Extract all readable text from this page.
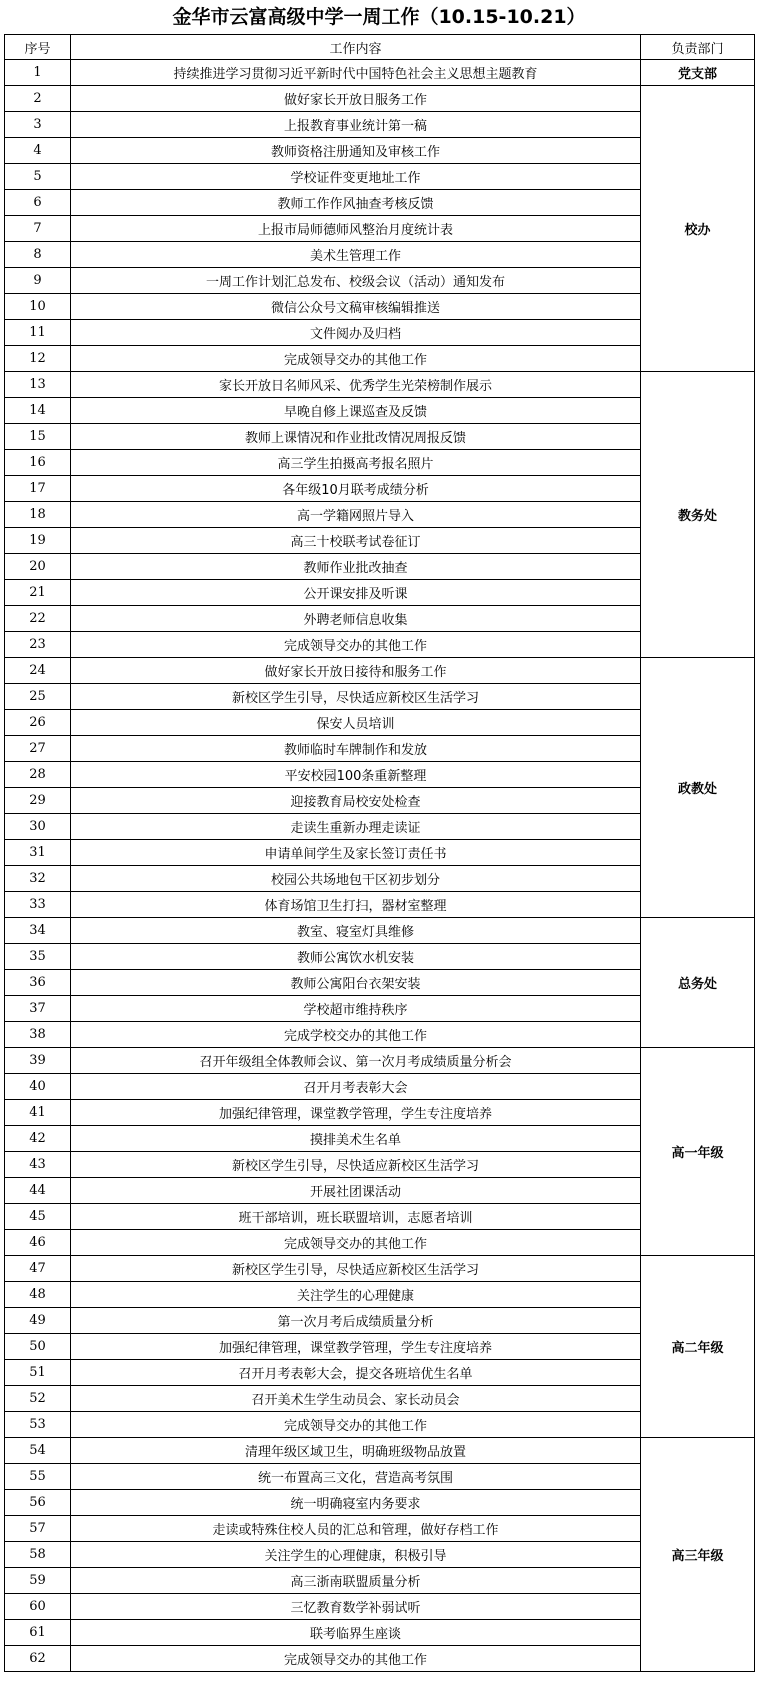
金华市云富高级中学一周工作（10.15-10.21）
序号	工作内容	负责部门
1	持续推进学习贯彻习近平新时代中国特色社会主义思想主题教育	党支部
2	做好家长开放日服务工作	校办
3	上报教育事业统计第一稿	
4	教师资格注册通知及审核工作	
5	学校证件变更地址工作	
6	教师工作作风抽查考核反馈	
7	上报市局师德师风整治月度统计表	
8	美术生管理工作	
9	一周工作计划汇总发布、校级会议（活动）通知发布	
10	微信公众号文稿审核编辑推送	
11	文件阅办及归档	
12	完成领导交办的其他工作	
13	家长开放日名师风采、优秀学生光荣榜制作展示	教务处
14	早晚自修上课巡查及反馈	
15	教师上课情况和作业批改情况周报反馈	
16	高三学生拍摄高考报名照片	
17	各年级10月联考成绩分析	
18	高一学籍网照片导入	
19	高三十校联考试卷征订	
20	教师作业批改抽查	
21	公开课安排及听课	
22	外聘老师信息收集	
23	完成领导交办的其他工作	
24	做好家长开放日接待和服务工作	政教处
25	新校区学生引导，尽快适应新校区生活学习	
26	保安人员培训	
27	教师临时车牌制作和发放	
28	平安校园100条重新整理	
29	迎接教育局校安处检查	
30	走读生重新办理走读证	
31	申请单间学生及家长签订责任书	
32	校园公共场地包干区初步划分	
33	体育场馆卫生打扫，器材室整理	
34	教室、寝室灯具维修	总务处
35	教师公寓饮水机安装	
36	教师公寓阳台衣架安装	
37	学校超市维持秩序	
38	完成学校交办的其他工作	
39	召开年级组全体教师会议、第一次月考成绩质量分析会	高一年级
40	召开月考表彰大会	
41	加强纪律管理，课堂教学管理，学生专注度培养	
42	摸排美术生名单	
43	新校区学生引导，尽快适应新校区生活学习	
44	开展社团课活动	
45	班干部培训，班长联盟培训，志愿者培训	
46	完成领导交办的其他工作	
47	新校区学生引导，尽快适应新校区生活学习	高二年级
48	关注学生的心理健康	
49	第一次月考后成绩质量分析	
50	加强纪律管理，课堂教学管理，学生专注度培养	
51	召开月考表彰大会，提交各班培优生名单	
52	召开美术生学生动员会、家长动员会	
53	完成领导交办的其他工作	
54	清理年级区域卫生，明确班级物品放置	高三年级
55	统一布置高三文化，营造高考氛围	
56	统一明确寝室内务要求	
57	走读或特殊住校人员的汇总和管理，做好存档工作	
58	关注学生的心理健康，积极引导	
59	高三浙南联盟质量分析	
60	三忆教育数学补弱试听	
61	联考临界生座谈	
62	完成领导交办的其他工作	
